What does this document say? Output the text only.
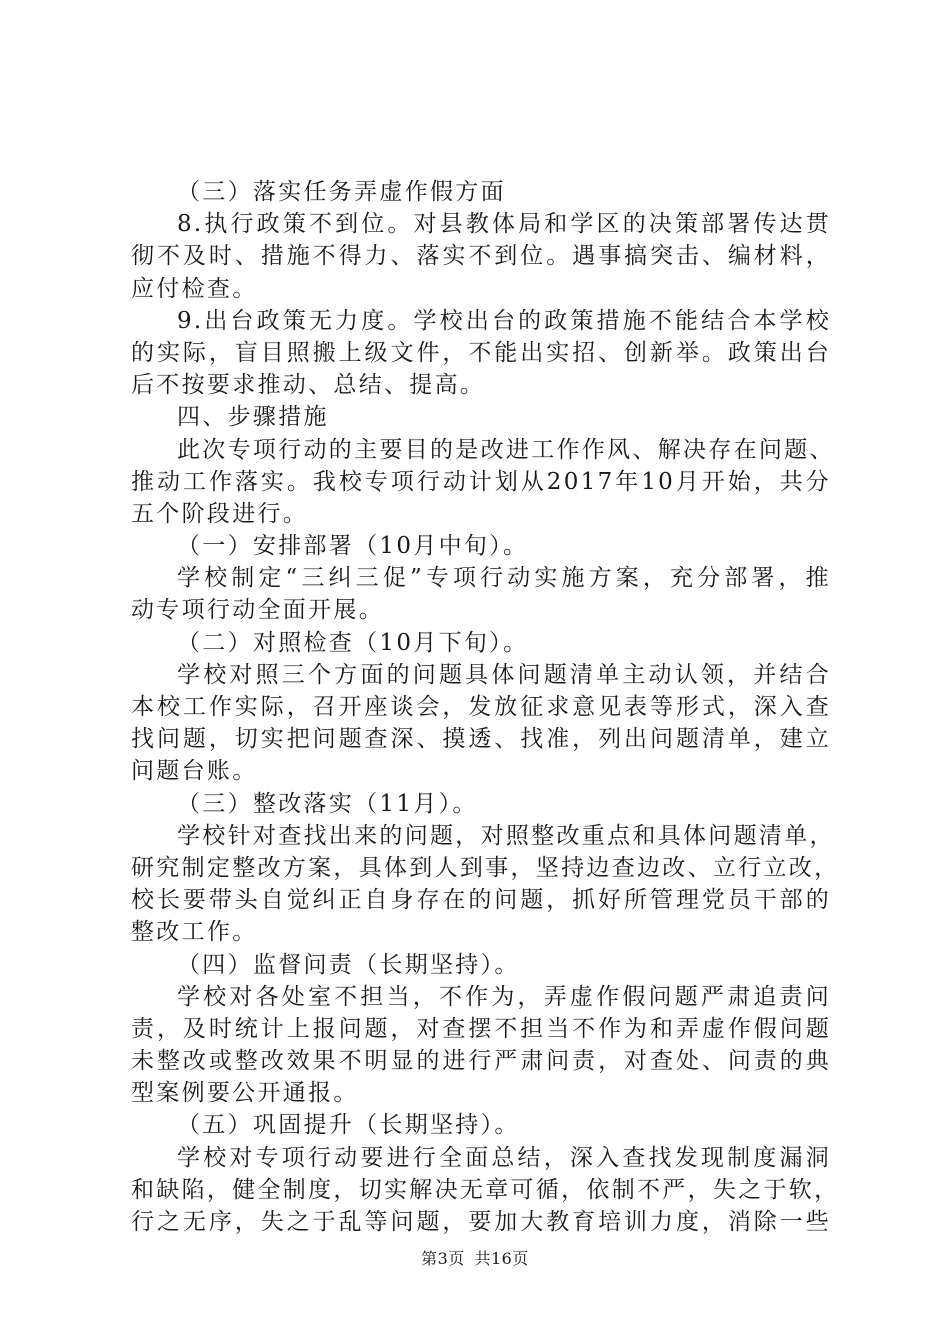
（三）落实任务弄虚作假方面
8.执行政策不到位。对县教体局和学区的决策部署传达贯
彻不及时、措施不得力、落实不到位。遇事搞突击、编材料，
应付检查。
9.出台政策无力度。学校出台的政策措施不能结合本学校
的实际，盲目照搬上级文件，不能出实招、创新举。政策出台
后不按要求推动、总结、提高。
四、步骤措施
此次专项行动的主要目的是改进工作作风、解决存在问题、
推动工作落实。我校专项行动计划从2017年10月开始，共分
五个阶段进行。
（一）安排部署（10月中旬）。
学校制定“三纠三促”专项行动实施方案，充分部署，推
动专项行动全面开展。
（二）对照检查（10月下旬）。
学校对照三个方面的问题具体问题清单主动认领，并结合
本校工作实际，召开座谈会，发放征求意见表等形式，深入查
找问题，切实把问题查深、摸透、找准，列出问题清单，建立
问题台账。
（三）整改落实（11月）。
学校针对查找出来的问题，对照整改重点和具体问题清单，
研究制定整改方案，具体到人到事，坚持边查边改、立行立改，
校长要带头自觉纠正自身存在的问题，抓好所管理党员干部的
整改工作。
（四）监督问责（长期坚持）。
学校对各处室不担当，不作为，弄虚作假问题严肃追责问
责，及时统计上报问题，对查摆不担当不作为和弄虚作假问题
未整改或整改效果不明显的进行严肃问责，对查处、问责的典
型案例要公开通报。
（五）巩固提升（长期坚持）。
学校对专项行动要进行全面总结，深入查找发现制度漏洞
和缺陷，健全制度，切实解决无章可循，依制不严，失之于软，
行之无序，失之于乱等问题，要加大教育培训力度，消除一些
第3页 共16页
